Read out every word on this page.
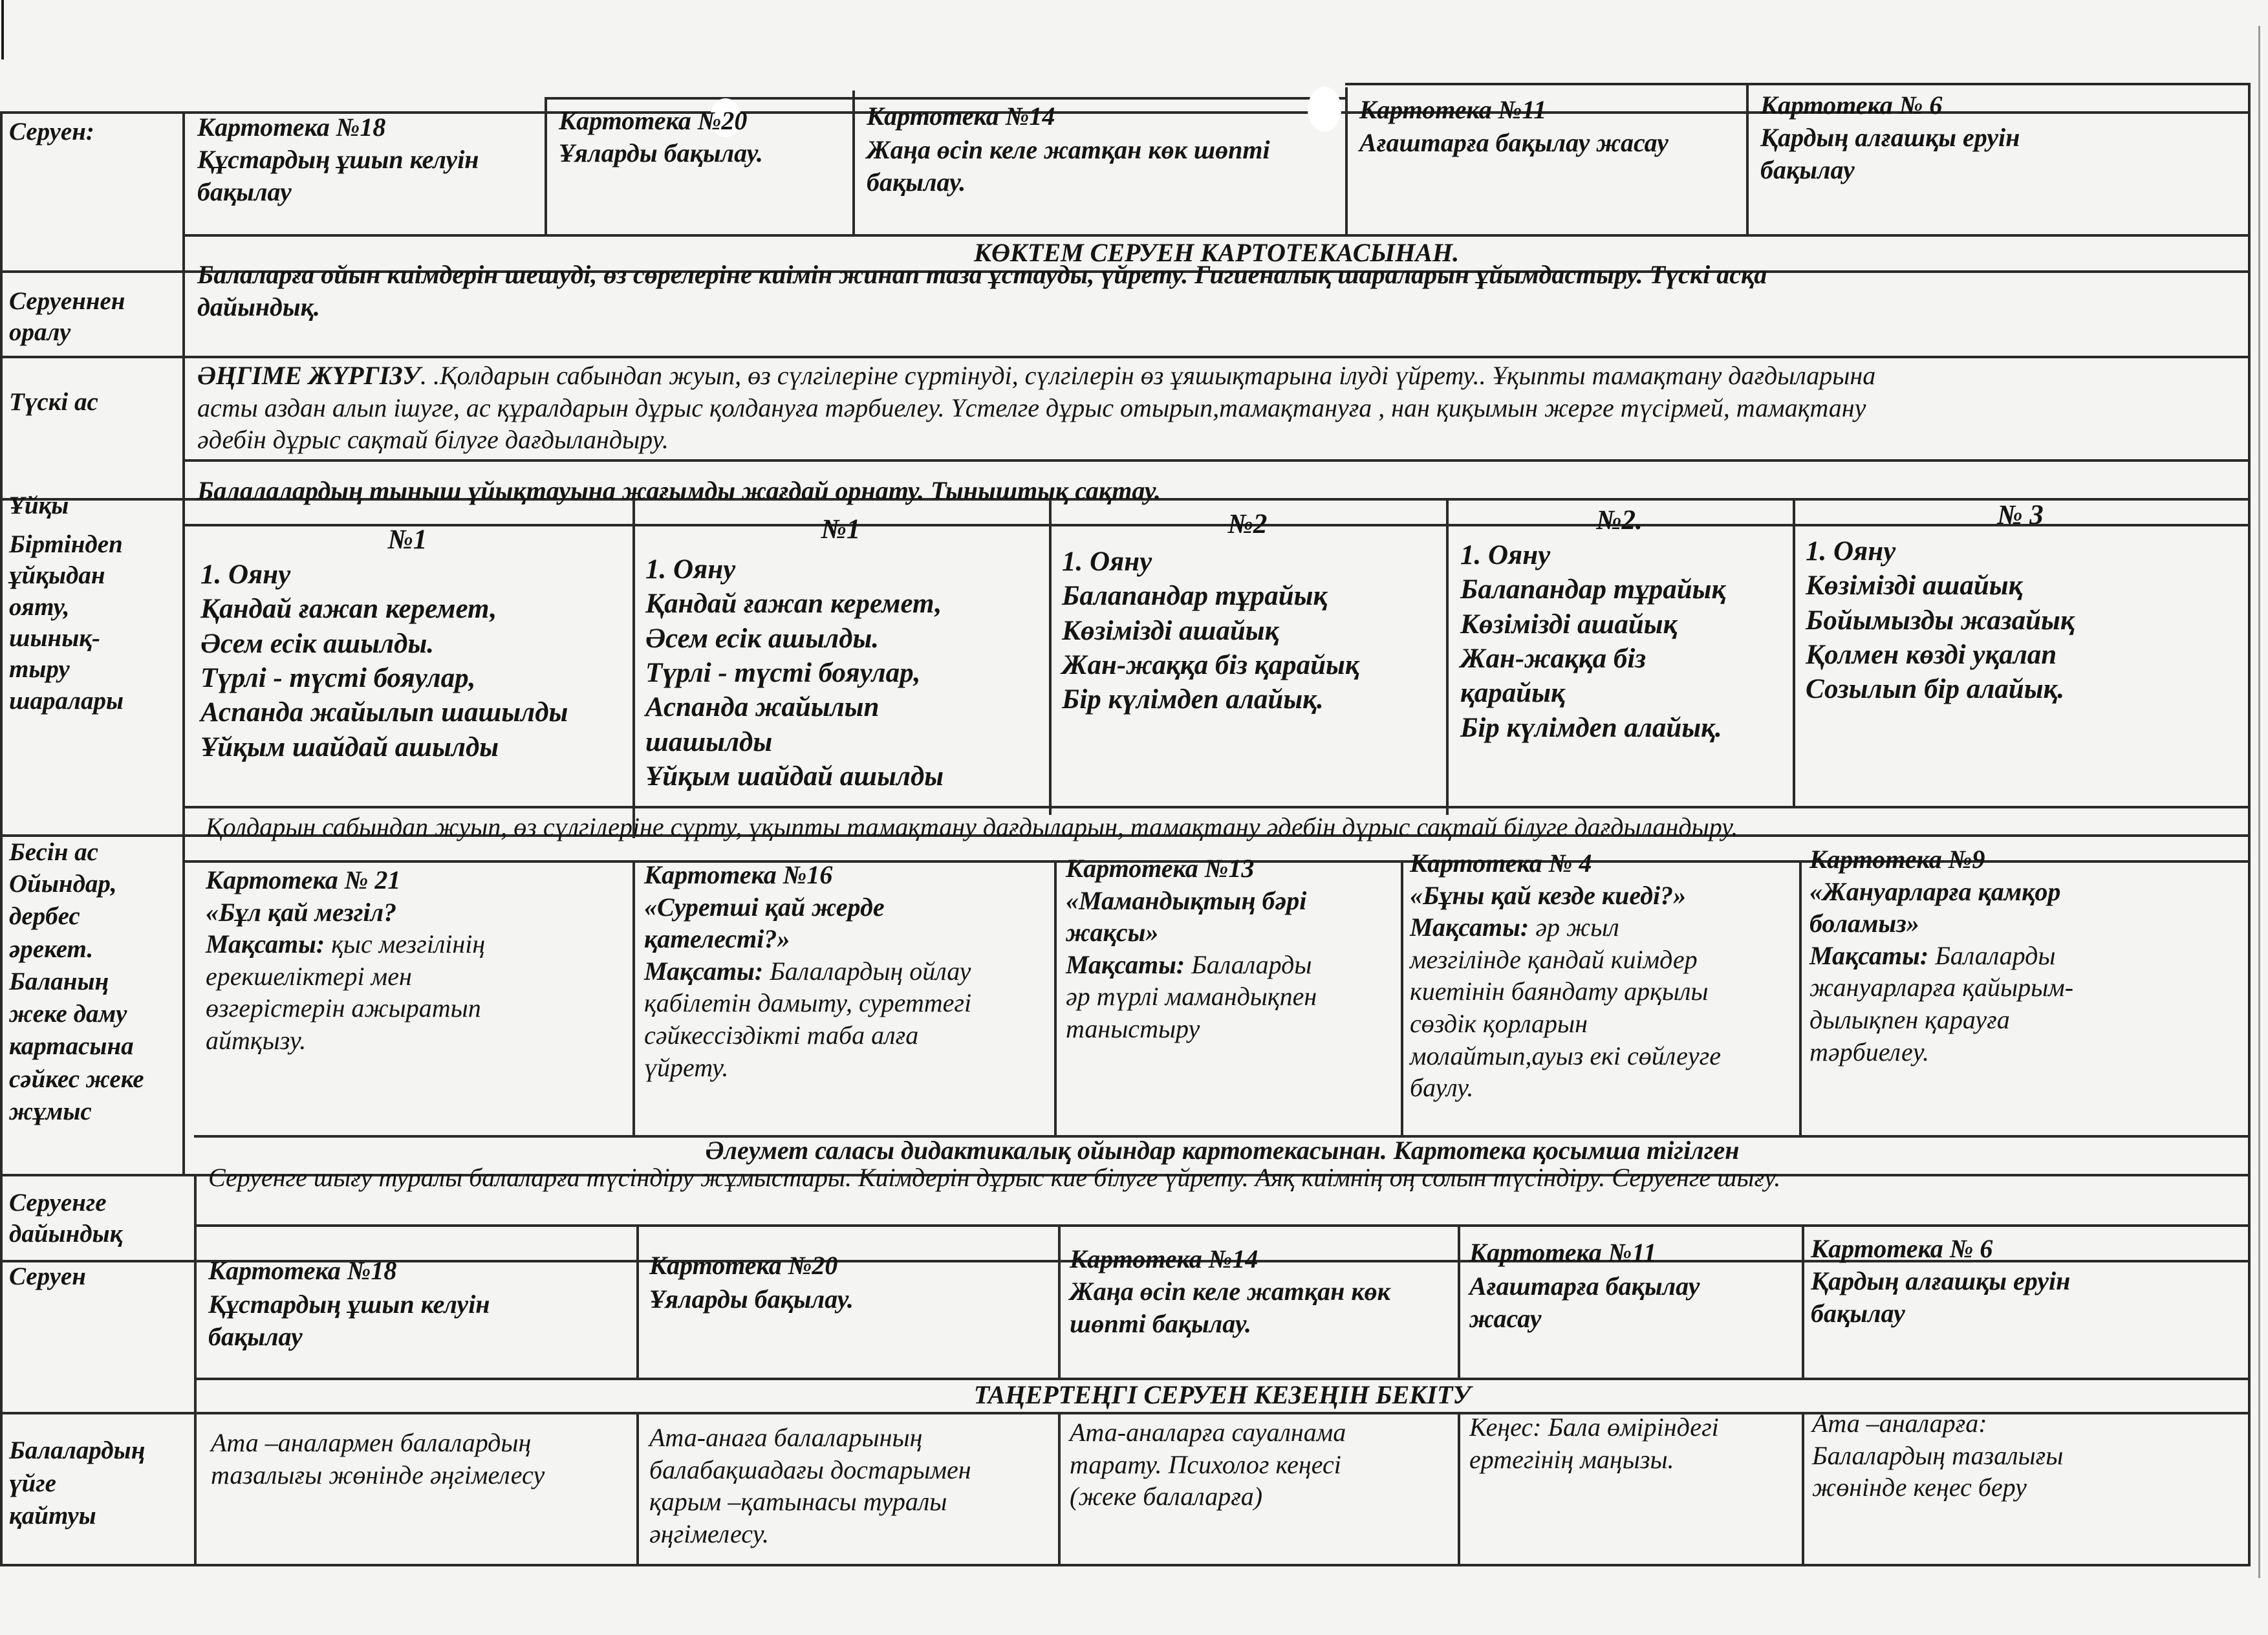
Серуен:	Картотека №18
Құстардың ұшып келуін
бақылау
Картотека №20
Ұяларды бақылау.
Картотека №14
Жаңа өсіп келе жатқан көк шөпті
бақылау.
Картотека №11
Ағаштарға бақылау жасау
Картотека № 6
Қардың алғашқы еруін
бақылау
КӨКТЕМ СЕРУЕН КАРТОТЕКАСЫНАН.
Серуеннен
оралу
Балаларға ойын киімдерін шешуді, өз сөрелеріне киімін жинап таза ұстауды, үйрету. Гигиеналық шараларын ұйымдастыру. Түскі асқа
дайындық.
Түскі ас
ӘҢГІМЕ ЖҮРГІЗУ. .Қолдарын сабындап жуып, өз сүлгілеріне сүртінуді, сүлгілерін өз ұяшықтарына ілуді үйрету.. Ұқыпты тамақтану дағдыларына
асты аздан алып ішуге, ас құралдарын дұрыс қолдануға тәрбиелеу. Үстелге дұрыс отырып,тамақтануға , нан қиқымын жерге түсірмей, тамақтану
әдебін дұрыс сақтай білуге дағдыландыру.
Ұйқы
Балалалардың тыныш ұйықтауына жағымды жағдай орнату. Тыныштық сақтау.
Біртіндеп
ұйқыдан
ояту,
шынық-
тыру
шаралары
№1
1. Ояну
Қандай ғажап керемет,
Әсем есік ашылды.
Түрлі - түсті бояулар,
Аспанда жайылып шашылды
Ұйқым шайдай ашылды
№1
1. Ояну
Қандай ғажап керемет,
Әсем есік ашылды.
Түрлі - түсті бояулар,
Аспанда жайылып
шашылды
Ұйқым шайдай ашылды
№2
1. Ояну
Балапандар тұрайық
Көзімізді ашайық
Жан-жаққа біз қарайық
Бір күлімдеп алайық.
№2.
1. Ояну
Балапандар тұрайық
Көзімізді ашайық
Жан-жаққа біз
қарайық
Бір күлімдеп алайық.
№ 3
1. Ояну
Көзімізді ашайық
Бойымызды жазайық
Қолмен көзді уқалап
Созылып бір алайық.
Бесін ас
Қолдарын сабындап жуып, өз сүлгілеріне сүрту, ұқыпты тамақтану дағдыларын, тамақтану әдебін дұрыс сақтай білуге дағдыландыру.
Ойындар,
дербес
әрекет.
Баланың
жеке даму
картасына
сәйкес жеке
жұмыс
Картотека № 21
«Бұл қай мезгіл?
Мақсаты: қыс мезгілінің
ерекшеліктері мен
өзгерістерін ажыратып
айтқызу.
Картотека №16
«Суретші қай жерде
қателесті?»
Мақсаты: Балалардың ойлау
қабілетін дамыту, суреттегі
сәйкессіздікті таба алға
үйрету.
Картотека №13
«Мамандықтың бәрі
жақсы»
Мақсаты: Балаларды
әр түрлі мамандықпен
таныстыру
Картотека № 4
«Бұны қай кезде киеді?»
Мақсаты: әр жыл
мезгілінде қандай киімдер
киетінін баяндату арқылы
сөздік қорларын
молайтып,ауыз екі сөйлеуге
баулу.
Картотека №9
«Жануарларға қамқор
боламыз»
Мақсаты: Балаларды
жануарларға қайырым-
дылықпен қарауға
тәрбиелеу.
Әлеумет саласы дидактикалық ойындар картотекасынан. Картотека қосымша тігілген
Серуенге
дайындық
Серуенге шығу туралы балаларға түсіндіру жұмыстары. Киімдерін дұрыс кие білуге үйрету. Аяқ киімнің оң солын түсіндіру. Серуенге шығу.
Серуен	Картотека №18
Құстардың ұшып келуін
бақылау
Картотека №20
Ұяларды бақылау.
Картотека №14
Жаңа өсіп келе жатқан көк
шөпті бақылау.
Картотека №11
Ағаштарға бақылау
жасау
Картотека № 6
Қардың алғашқы еруін
бақылау
ТАҢЕРТЕҢГІ СЕРУЕН КЕЗЕҢІН БЕКІТУ
Балалардың
үйге
қайтуы
Ата –аналармен балалардың
тазалығы жөнінде әңгімелесу
Ата-анаға балаларының
балабақшадағы достарымен
қарым –қатынасы туралы
әңгімелесу.
Ата-аналарға сауалнама
тарату. Психолог кеңесі
(жеке балаларға)
Кеңес: Бала өміріндегі
ертегінің маңызы.
Ата –аналарға:
Балалардың тазалығы
жөнінде кеңес беру
